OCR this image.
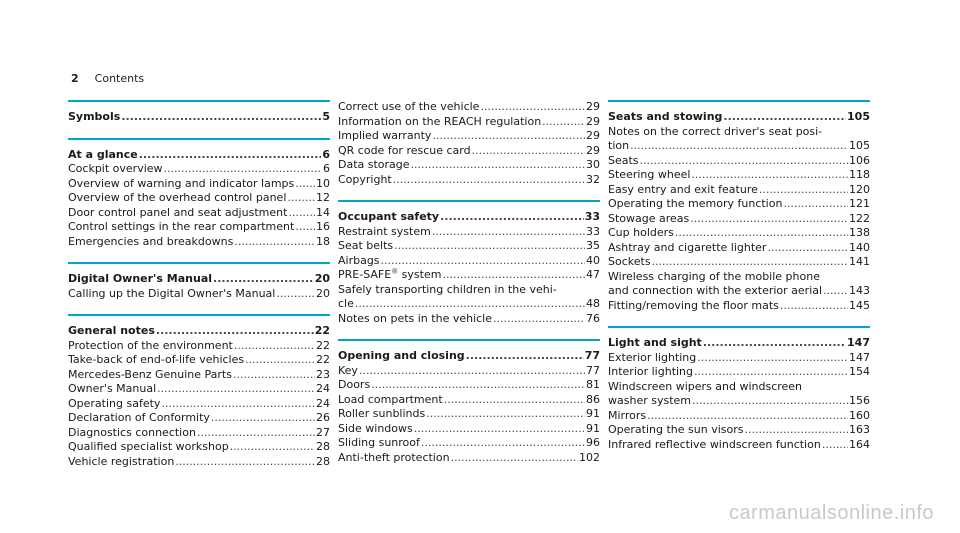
2 Contents
Symbols .....	5
At a glance .....	6
Cockpit overview .....	6
Overview of warning and indicator lamps ..... 10
Overview of the overhead control panel .....	12
Door control panel and seat adjustment .....	14
Control settings in the rear compartment ..... 16
Emergencies and breakdowns .....	18
Digital Owner's Manual .....	20
Calling up the Digital Owner's Manual .....	20
General notes .....	22
Protection of the environment .....	22
Take-back of end-of-life vehicles .....	22
Mercedes-Benz Genuine Parts .....	23
Owner's Manual .....	24
Operating safety .....	24
Declaration of Conformity .....	26
Diagnostics connection .....	27
Qualified specialist workshop .....	28
Vehicle registration .....	28
Correct use of the vehicle .....	29
Information on the REACH regulation .....	29
Implied warranty .....	29
QR code for rescue card .....	29
Data storage .....	30
Copyright .....	32
Occupant safety .....	33
Restraint system .....	33
Seat belts .....	35
Airbags .....	40
PRE-SAFE® system .....	47
Safely transporting children in the vehi-
cle .....	48
Notes on pets in the vehicle .....	76
Opening and closing .....	77
Key .....	77
Doors .....	81
Load compartment .....	86
Roller sunblinds .....	91
Side windows .....	91
Sliding sunroof .....	96
Anti-theft protection .....	102
Seats and stowing .....	105
Notes on the correct driver's seat posi-
tion .....	105
Seats .....	106
Steering wheel .....	118
Easy entry and exit feature .....	120
Operating the memory function .....	121
Stowage areas .....	122
Cup holders .....	138
Ashtray and cigarette lighter .....	140
Sockets .....	141
Wireless charging of the mobile phone
and connection with the exterior aerial ..... 143
Fitting/removing the floor mats .....	145
Light and sight .....	147
Exterior lighting .....	147
Interior lighting .....	154
Windscreen wipers and windscreen
washer system .....	156
Mirrors .....	160
Operating the sun visors .....	163
Infrared reflective windscreen function .....	164
carmanualsonline.info
